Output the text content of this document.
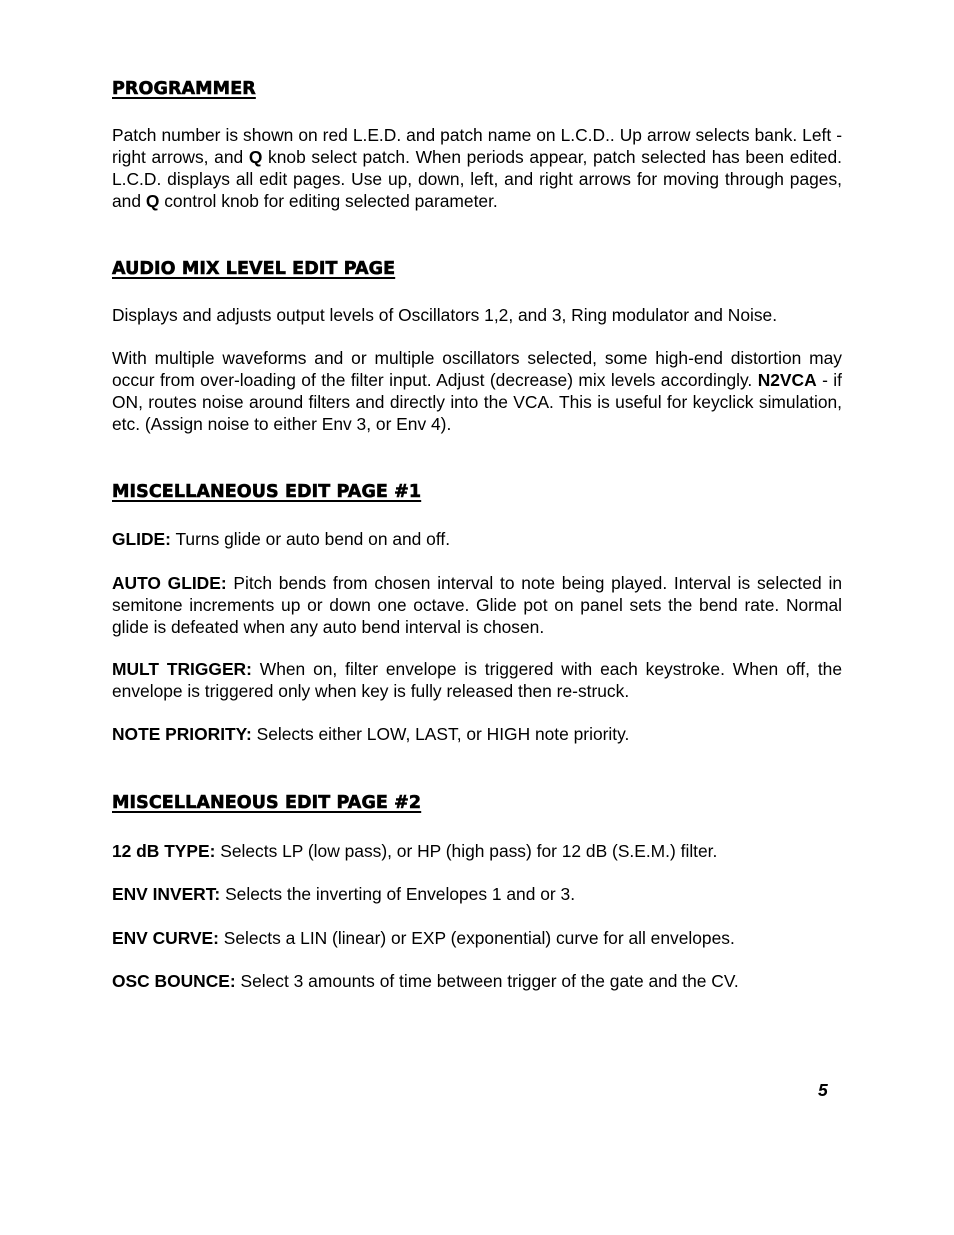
PROGRAMMER

Patch number is shown on red L.E.D. and patch name on L.C.D.. Up arrow selects bank. Left - right arrows, and Q knob select patch. When periods appear, patch selected has been edited. L.C.D. displays all edit pages. Use up, down, left, and right arrows for moving through pages, and Q control knob for editing selected parameter.

AUDIO MIX LEVEL EDIT PAGE

Displays and adjusts output levels of Oscillators 1,2, and 3, Ring modulator and Noise.

With multiple waveforms and or multiple oscillators selected, some high-end distortion may occur from over-loading of the filter input. Adjust (decrease) mix levels accordingly. N2VCA - if ON, routes noise around filters and directly into the VCA. This is useful for keyclick simulation, etc. (Assign noise to either Env 3, or Env 4).

MISCELLANEOUS EDIT PAGE #1

GLIDE: Turns glide or auto bend on and off.

AUTO GLIDE: Pitch bends from chosen interval to note being played. Interval is selected in semitone increments up or down one octave. Glide pot on panel sets the bend rate. Normal glide is defeated when any auto bend interval is chosen.

MULT TRIGGER: When on, filter envelope is triggered with each keystroke. When off, the envelope is triggered only when key is fully released then re-struck.

NOTE PRIORITY: Selects either LOW, LAST, or HIGH note priority.

MISCELLANEOUS EDIT PAGE #2

12 dB TYPE: Selects LP (low pass), or HP (high pass) for 12 dB (S.E.M.) filter.

ENV INVERT: Selects the inverting of Envelopes 1 and or 3.

ENV CURVE: Selects a LIN (linear) or EXP (exponential) curve for all envelopes.

OSC BOUNCE: Select 3 amounts of time between trigger of the gate and the CV.

5
